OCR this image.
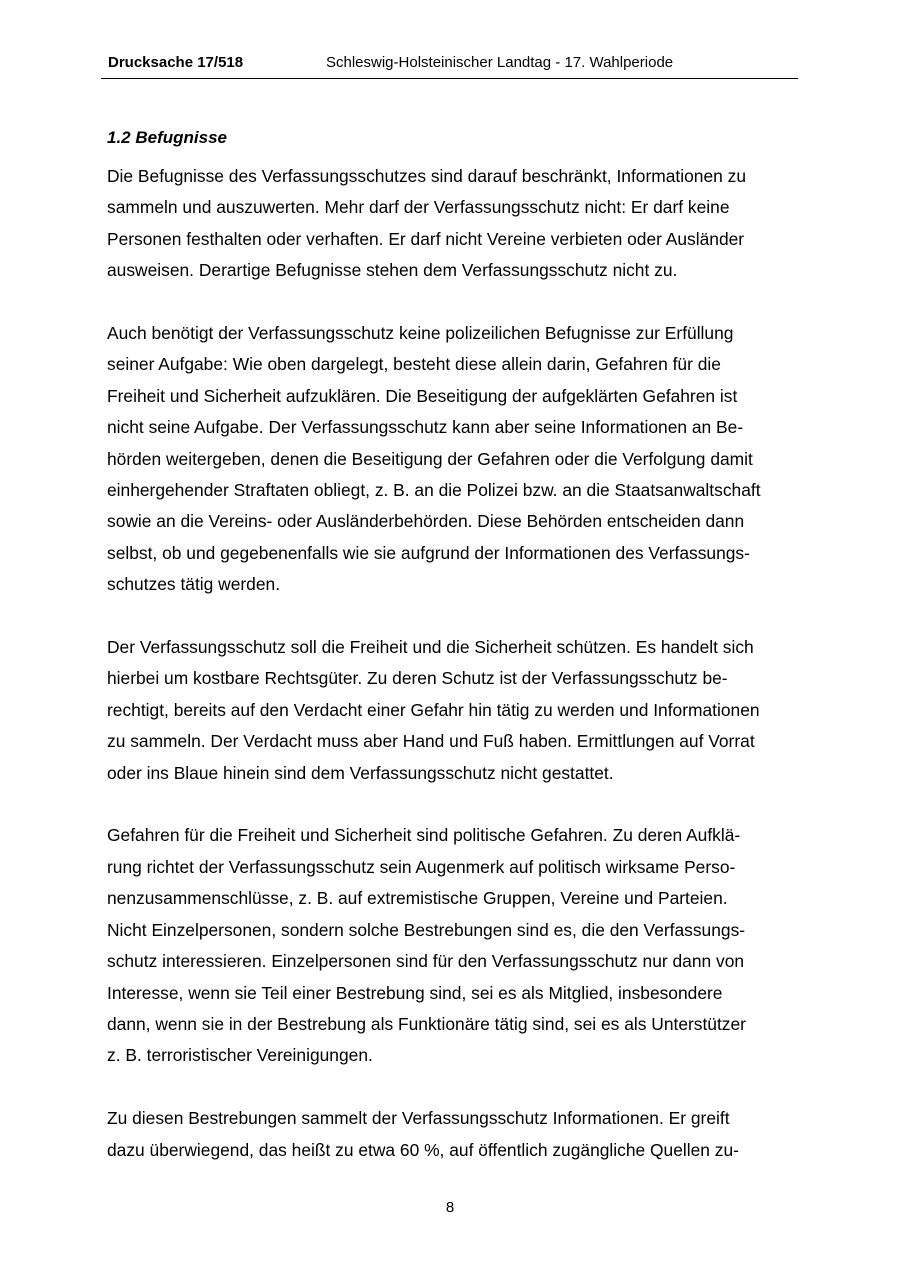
Drucksache 17/518	Schleswig-Holsteinischer Landtag - 17. Wahlperiode
1.2 Befugnisse

Die Befugnisse des Verfassungsschutzes sind darauf beschränkt, Informationen zu
sammeln und auszuwerten. Mehr darf der Verfassungsschutz nicht: Er darf keine
Personen festhalten oder verhaften. Er darf nicht Vereine verbieten oder Ausländer
ausweisen. Derartige Befugnisse stehen dem Verfassungsschutz nicht zu.

Auch benötigt der Verfassungsschutz keine polizeilichen Befugnisse zur Erfüllung
seiner Aufgabe: Wie oben dargelegt, besteht diese allein darin, Gefahren für die
Freiheit und Sicherheit aufzuklären. Die Beseitigung der aufgeklärten Gefahren ist
nicht seine Aufgabe. Der Verfassungsschutz kann aber seine Informationen an Be-
hörden weitergeben, denen die Beseitigung der Gefahren oder die Verfolgung damit
einhergehender Straftaten obliegt, z. B. an die Polizei bzw. an die Staatsanwaltschaft
sowie an die Vereins- oder Ausländerbehörden. Diese Behörden entscheiden dann
selbst, ob und gegebenenfalls wie sie aufgrund der Informationen des Verfassungs-
schutzes tätig werden.

Der Verfassungsschutz soll die Freiheit und die Sicherheit schützen. Es handelt sich
hierbei um kostbare Rechtsgüter. Zu deren Schutz ist der Verfassungsschutz be-
rechtigt, bereits auf den Verdacht einer Gefahr hin tätig zu werden und Informationen
zu sammeln. Der Verdacht muss aber Hand und Fuß haben. Ermittlungen auf Vorrat
oder ins Blaue hinein sind dem Verfassungsschutz nicht gestattet.

Gefahren für die Freiheit und Sicherheit sind politische Gefahren. Zu deren Aufklä-
rung richtet der Verfassungsschutz sein Augenmerk auf politisch wirksame Perso-
nenzusammenschlüsse, z. B. auf extremistische Gruppen, Vereine und Parteien.
Nicht Einzelpersonen, sondern solche Bestrebungen sind es, die den Verfassungs-
schutz interessieren. Einzelpersonen sind für den Verfassungsschutz nur dann von
Interesse, wenn sie Teil einer Bestrebung sind, sei es als Mitglied, insbesondere
dann, wenn sie in der Bestrebung als Funktionäre tätig sind, sei es als Unterstützer
z. B. terroristischer Vereinigungen.

Zu diesen Bestrebungen sammelt der Verfassungsschutz Informationen. Er greift
dazu überwiegend, das heißt zu etwa 60 %, auf öffentlich zugängliche Quellen zu-

8
